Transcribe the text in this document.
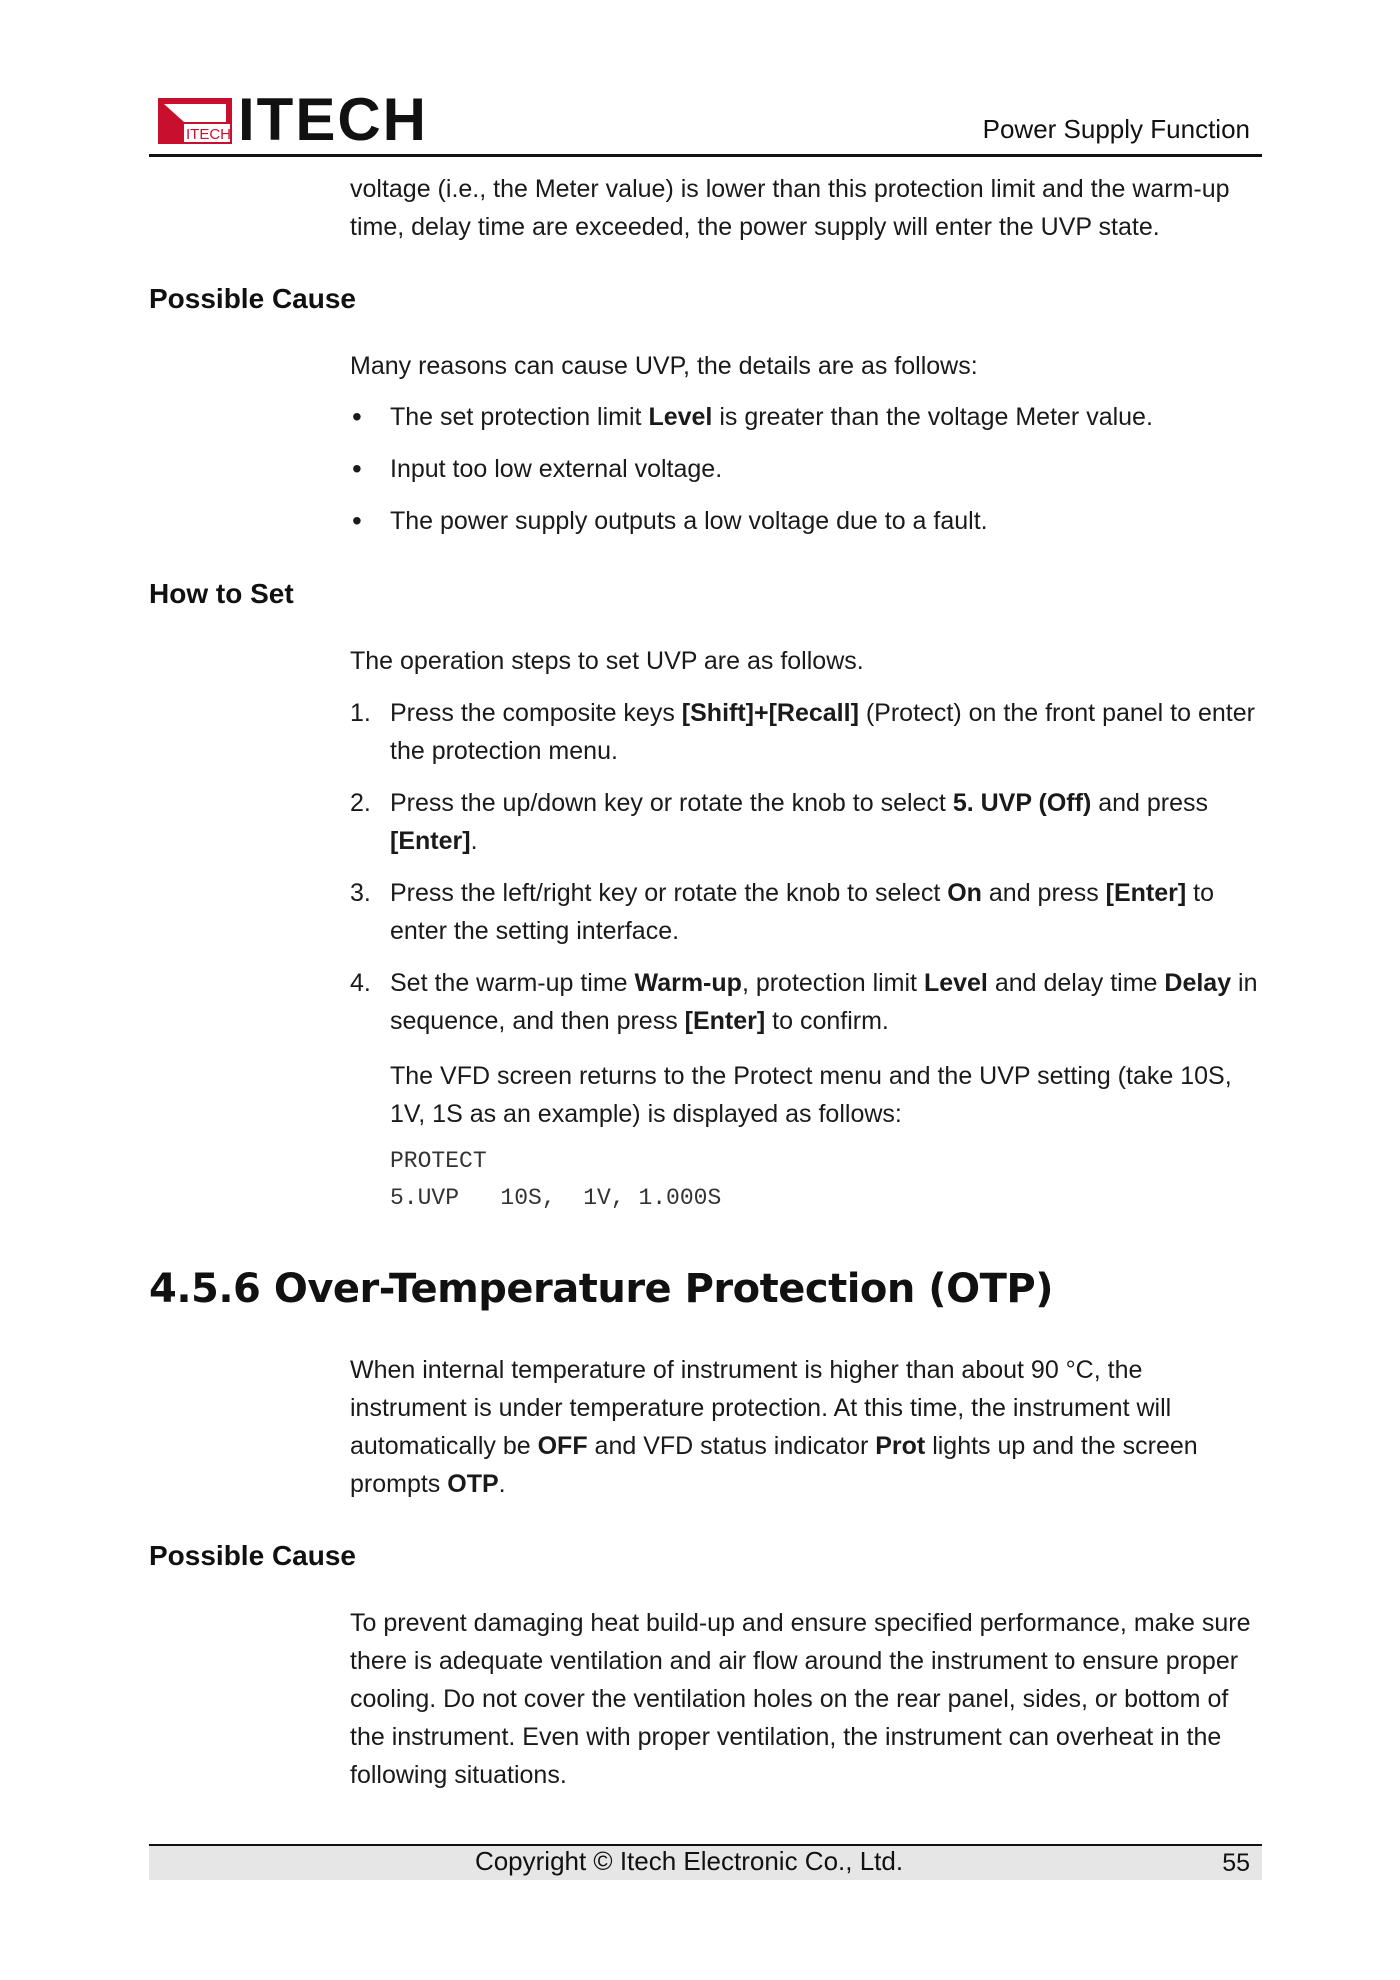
ITECH ITECH	Power Supply Function
voltage (i.e., the Meter value) is lower than this protection limit and the warm-up time, delay time are exceeded, the power supply will enter the UVP state.
Possible Cause
Many reasons can cause UVP, the details are as follows:
• The set protection limit Level is greater than the voltage Meter value.
• Input too low external voltage.
• The power supply outputs a low voltage due to a fault.
How to Set
The operation steps to set UVP are as follows.
1. Press the composite keys [Shift]+[Recall] (Protect) on the front panel to enter the protection menu.
2. Press the up/down key or rotate the knob to select 5. UVP (Off) and press [Enter].
3. Press the left/right key or rotate the knob to select On and press [Enter] to enter the setting interface.
4. Set the warm-up time Warm-up, protection limit Level and delay time Delay in sequence, and then press [Enter] to confirm.
The VFD screen returns to the Protect menu and the UVP setting (take 10S, 1V, 1S as an example) is displayed as follows:
PROTECT
5.UVP   10S,  1V, 1.000S
4.5.6 Over-Temperature Protection (OTP)
When internal temperature of instrument is higher than about 90 °C, the instrument is under temperature protection. At this time, the instrument will automatically be OFF and VFD status indicator Prot lights up and the screen prompts OTP.
Possible Cause
To prevent damaging heat build-up and ensure specified performance, make sure there is adequate ventilation and air flow around the instrument to ensure proper cooling. Do not cover the ventilation holes on the rear panel, sides, or bottom of the instrument. Even with proper ventilation, the instrument can overheat in the following situations.
Copyright © Itech Electronic Co., Ltd.	55
